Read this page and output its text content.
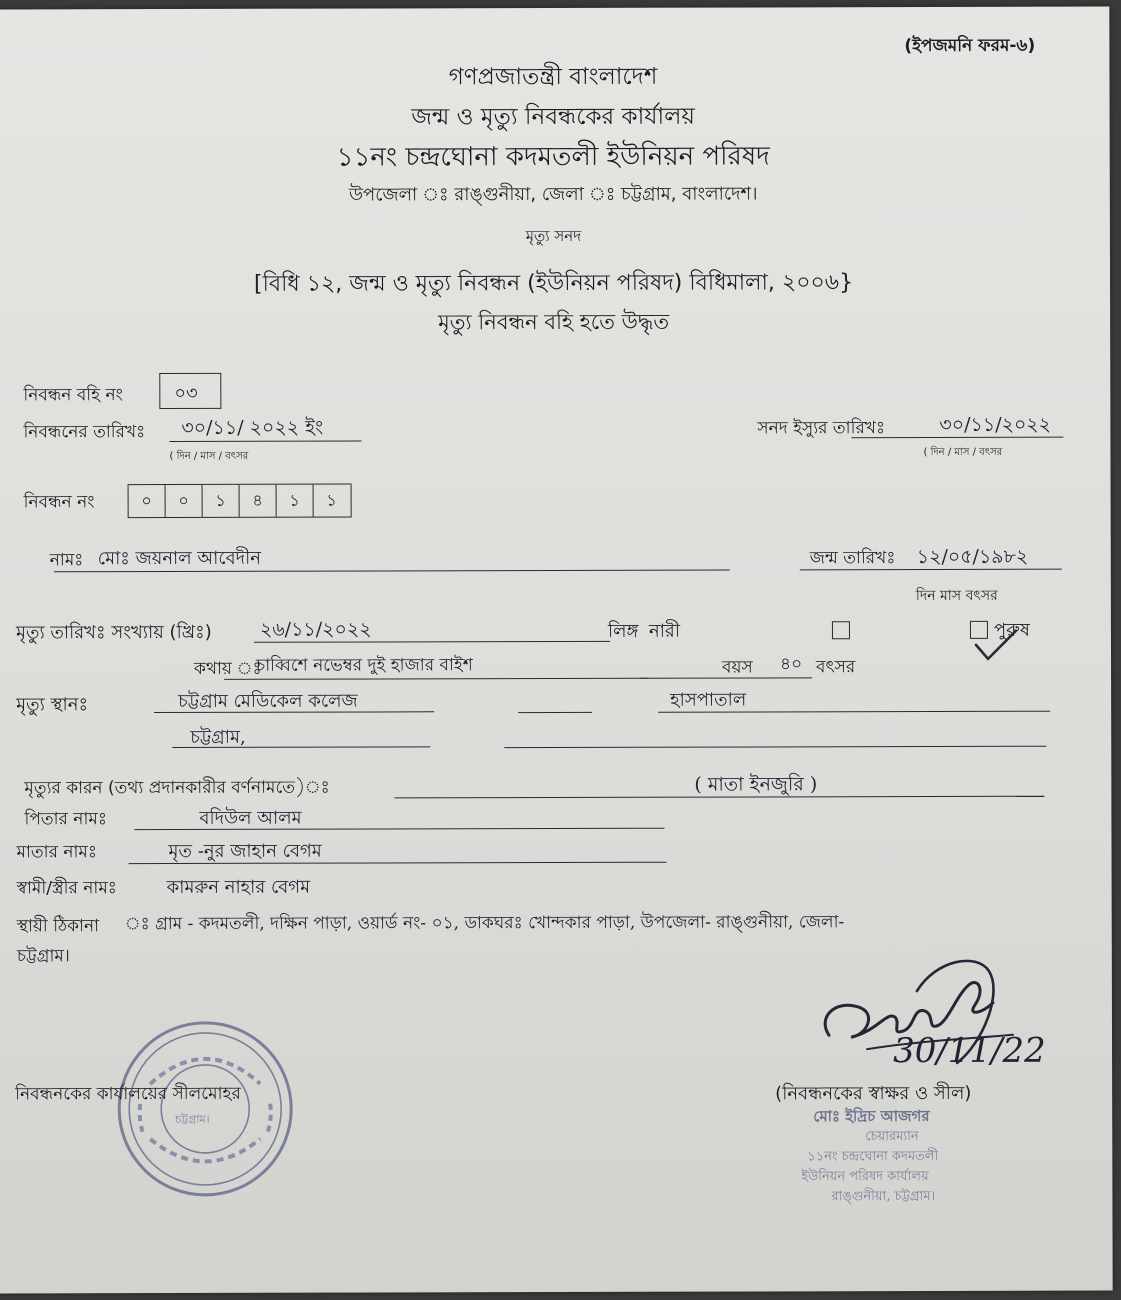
(ইপজমনি ফরম-৬)
গণপ্রজাতন্ত্রী বাংলাদেশ
জন্ম ও মৃত্যু নিবন্ধকের কার্যালয়
১১নং চন্দ্রঘোনা কদমতলী ইউনিয়ন পরিষদ
উপজেলা ঃ রাঙ্গুনীয়া, জেলা ঃ চট্টগ্রাম, বাংলাদেশ।
মৃত্যু সনদ
[বিধি ১২, জন্ম ও মৃত্যু নিবন্ধন (ইউনিয়ন পরিষদ) বিধিমালা, ২০০৬}
মৃত্যু নিবন্ধন বহি হতে উদ্ধৃত
নিবন্ধন বহি নং	০৩
নিবন্ধনের তারিখঃ ৩০/১১/ ২০২২ ইং
( দিন / মাস / বৎসর
সনদ ইস্যুর তারিখঃ	৩০/১১/২০২২
( দিন / মাস / বৎসর
নিবন্ধন নং	০	০	১	৪	১	১
নামঃ মোঃ জয়নাল আবেদীন	জন্ম তারিখঃ ১২/০৫/১৯৮২
দিন মাস বৎসর
মৃত্যু তারিখঃ সংখ্যায় (খ্রিঃ)	২৬/১১/২০২২	লিঙ্গ নারী	পুরুষ
কথায় ঃ
চাব্বিশে নভেম্বর দুই হাজার বাইশ	বয়স ৪০ বৎসর
মৃত্যু স্থানঃ	চট্টগ্রাম মেডিকেল কলেজ	হাসপাতাল
চট্টগ্রাম,
মৃত্যুর কারন (তথ্য প্রদানকারীর বর্ণনামতে)ঃ	( মাতা ইনজুরি )
পিতার নামঃ	বদিউল আলম
মাতার নামঃ	মৃত -নুর জাহান বেগম
স্বামী/স্ত্রীর নামঃ	কামরুন নাহার বেগম
স্থায়ী ঠিকানা ঃ গ্রাম - কদমতলী, দক্ষিন পাড়া, ওয়ার্ড নং- ০১, ডাকঘরঃ খোন্দকার পাড়া, উপজেলা- রাঙ্গুনীয়া, জেলা-
চট্টগ্রাম।
চট্টগ্রাম।
নিবন্ধনকের কার্যালয়ের সীলমোহর
30/11/22
(নিবন্ধনকের স্বাক্ষর ও সীল)
মোঃ ইদ্রিচ আজগর
চেয়ারম্যান
১১নং চন্দ্রঘোনা কদমতলী
ইউনিয়ন পরিষদ কার্যালয়
রাঙ্গুনীয়া, চট্টগ্রাম।
